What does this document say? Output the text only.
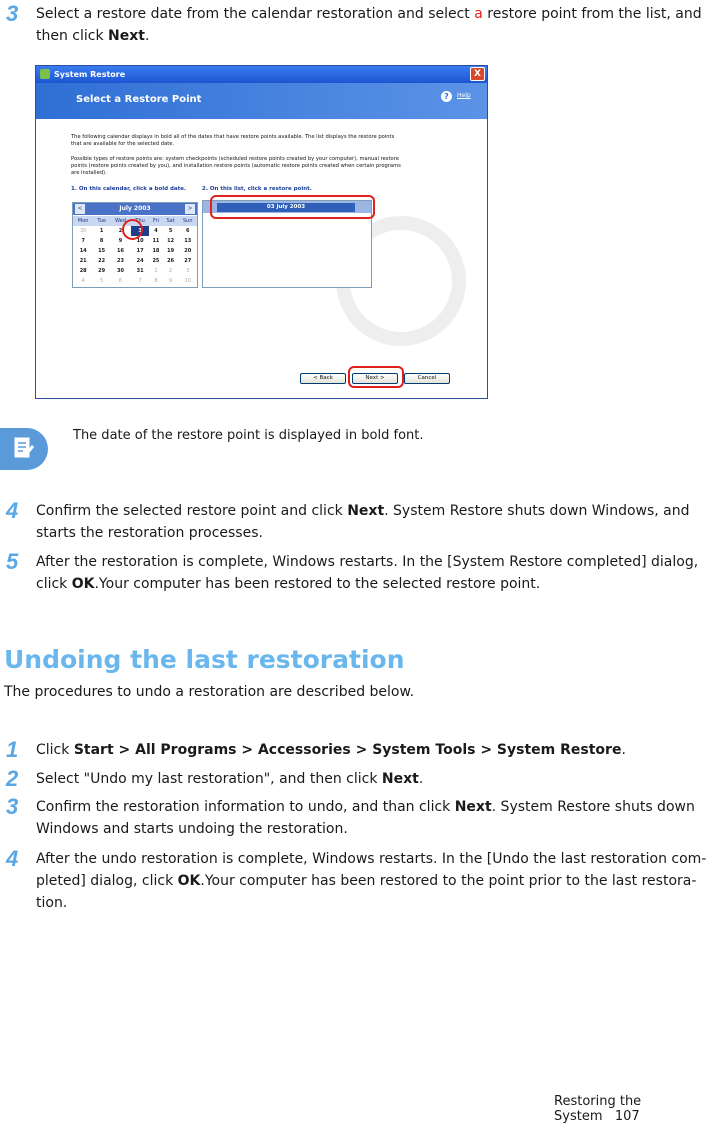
3 Select a restore date from the calendar restoration and select a restore point from the list, and then click Next.
System Restore	X
Select a Restore Point	?	Help
The following calendar displays in bold all of the dates that have restore points available. The list displays the restore points that are available for the selected date.
Possible types of restore points are: system checkpoints (scheduled restore points created by your computer), manual restore points (restore points created by you), and installation restore points (automatic restore points created when certain programs are installed).
1. On this calendar, click a bold date.	2. On this list, click a restore point.
July 2003
<	>
Mon	Tue	Wed	Thu	Fri	Sat	Sun
30	1	2	3	4	5	6
7	8	9	10	11	12	13
14	15	16	17	18	19	20
21	22	23	24	25	26	27
28	29	30	31	1	2	3
4	5	6	7	8	9	10
03 July 2003
< Back	Next >	Cancel
The date of the restore point is displayed in bold font.
4 Confirm the selected restore point and click Next. System Restore shuts down Windows, and starts the restoration processes.
5 After the restoration is complete, Windows restarts. In the [System Restore completed] dialog, click OK.Your computer has been restored to the selected restore point.
Undoing the last restoration
The procedures to undo a restoration are described below.
1 Click Start > All Programs > Accessories > System Tools > System Restore.
2 Select "Undo my last restoration", and then click Next.
3 Confirm the restoration information to undo, and than click Next. System Restore shuts down Windows and starts undoing the restoration.
4 After the undo restoration is complete, Windows restarts. In the [Undo the last restoration com-pleted] dialog, click OK.Your computer has been restored to the point prior to the last restora-tion.
Restoring the System 107
